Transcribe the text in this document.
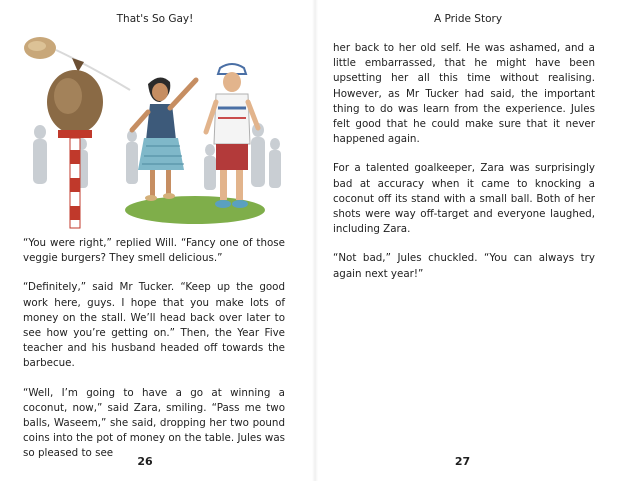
That's So Gay!

“You were right,” replied Will. “Fancy one of those veggie burgers? They smell delicious.”

“Definitely,” said Mr Tucker. “Keep up the good work here, guys. I hope that you make lots of money on the stall. We’ll head back over later to see how you’re getting on.” Then, the Year Five teacher and his husband headed off towards the barbecue.

“Well, I’m going to have a go at winning a coconut, now,” said Zara, smiling. “Pass me two balls, Waseem,” she said, dropping her two pound coins into the pot of money on the table. Jules was so pleased to see

26
A Pride Story

her back to her old self. He was ashamed, and a little embarrassed, that he might have been upsetting her all this time without realising. However, as Mr Tucker had said, the important thing to do was learn from the experience. Jules felt good that he could make sure that it never happened again.

For a talented goalkeeper, Zara was surprisingly bad at accuracy when it came to knocking a coconut off its stand with a small ball. Both of her shots were way off-target and everyone laughed, including Zara.

“Not bad,” Jules chuckled. “You can always try again next year!”

27
